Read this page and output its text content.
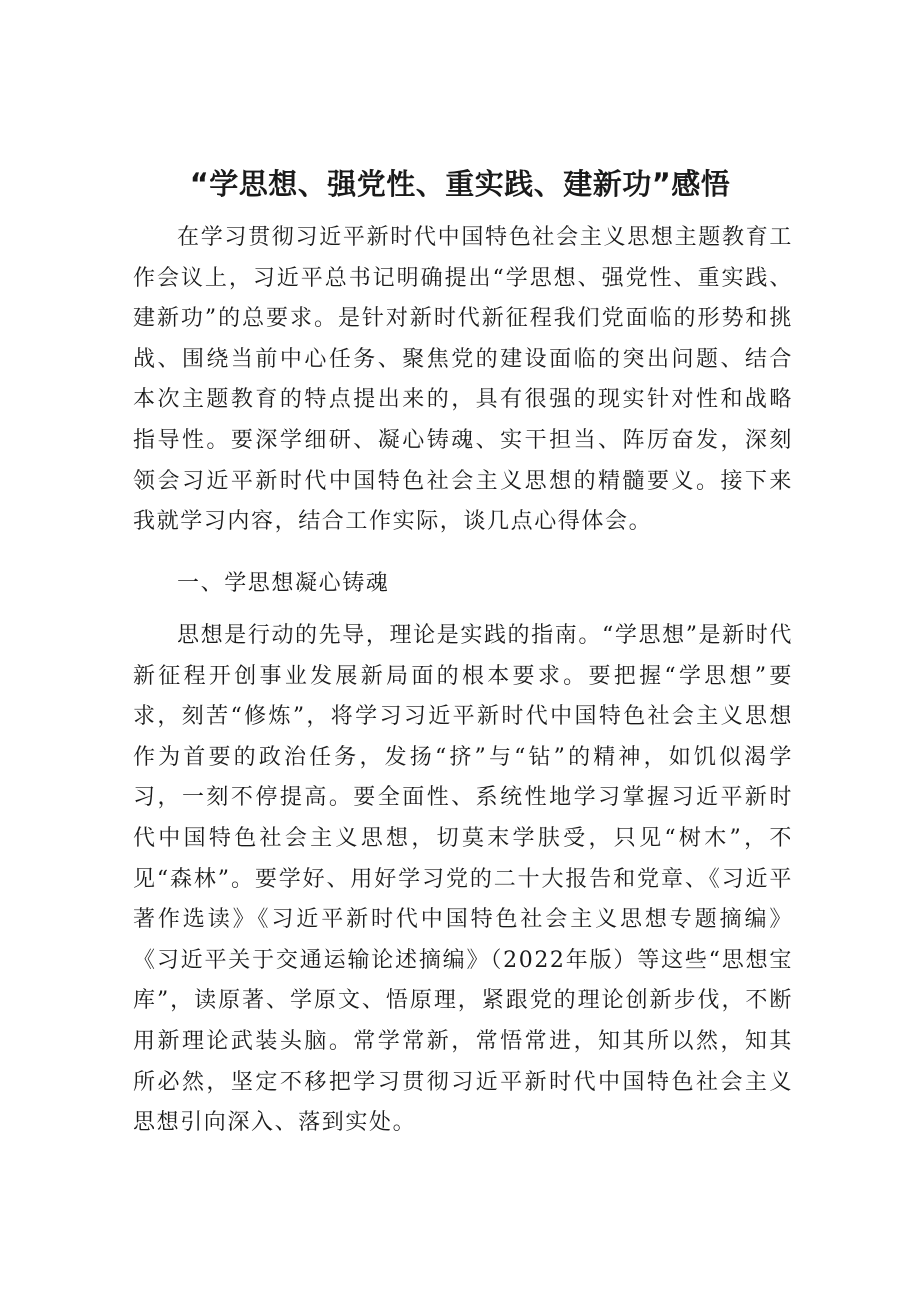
“学思想、强党性、重实践、建新功”感悟

在学习贯彻习近平新时代中国特色社会主义思想主题教育工作会议上，习近平总书记明确提出“学思想、强党性、重实践、建新功”的总要求。是针对新时代新征程我们党面临的形势和挑战、围绕当前中心任务、聚焦党的建设面临的突出问题、结合本次主题教育的特点提出来的，具有很强的现实针对性和战略指导性。要深学细研、凝心铸魂、实干担当、阵厉奋发，深刻领会习近平新时代中国特色社会主义思想的精髓要义。接下来我就学习内容，结合工作实际，谈几点心得体会。

一、学思想凝心铸魂

思想是行动的先导，理论是实践的指南。“学思想”是新时代新征程开创事业发展新局面的根本要求。要把握“学思想”要求，刻苦“修炼”，将学习习近平新时代中国特色社会主义思想作为首要的政治任务，发扬“挤”与“钻”的精神，如饥似渴学习，一刻不停提高。要全面性、系统性地学习掌握习近平新时代中国特色社会主义思想，切莫末学肤受，只见“树木”，不见“森林”。要学好、用好学习党的二十大报告和党章、《习近平著作选读》《习近平新时代中国特色社会主义思想专题摘编》《习近平关于交通运输论述摘编》（2022年版）等这些“思想宝库”，读原著、学原文、悟原理，紧跟党的理论创新步伐，不断用新理论武装头脑。常学常新，常悟常进，知其所以然，知其所必然，坚定不移把学习贯彻习近平新时代中国特色社会主义思想引向深入、落到实处。
